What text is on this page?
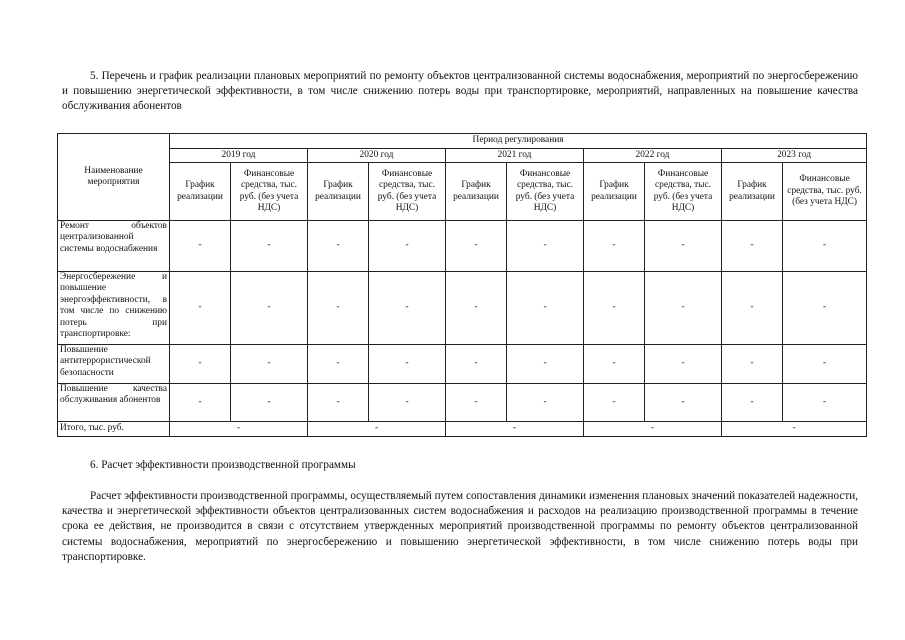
5. Перечень и график реализации плановых мероприятий по ремонту объектов централизованной системы водоснабжения, мероприятий по энергосбережению и повышению энергетической эффективности, в том числе снижению потерь воды при транспортировке, мероприятий, направленных на повышение качества обслуживания абонентов

Наименование мероприятия	Период регулирования									
	2019 год		2020 год		2021 год		2022 год		2023 год	
	График реализации	Финансовые средства, тыс. руб. (без учета НДС)	График реализации	Финансовые средства, тыс. руб. (без учета НДС)	График реализации	Финансовые средства, тыс. руб. (без учета НДС)	График реализации	Финансовые средства, тыс. руб. (без учета НДС)	График реализации	Финансовые средства, тыс. руб. (без учета НДС)
Ремонт объектов централизованной системы водоснабжения	-	-	-	-	-	-	-	-	-	-
Энергосбережение и повышение энергоэффективности, в том числе по снижению потерь при транспортировке:	-	-	-	-	-	-	-	-	-	-
Повышение антитеррористической безопасности	-	-	-	-	-	-	-	-	-	-
Повышение качества обслуживания абонентов	-	-	-	-	-	-	-	-	-	-
Итого, тыс. руб.	-		-		-		-		-	

6. Расчет эффективности производственной программы

Расчет эффективности производственной программы, осуществляемый путем сопоставления динамики изменения плановых значений показателей надежности, качества и энергетической эффективности объектов централизованных систем водоснабжения и расходов на реализацию производственной программы в течение срока ее действия, не производится в связи с отсутствием утвержденных мероприятий производственной программы по ремонту объектов централизованной системы водоснабжения, мероприятий по энергосбережению и повышению энергетической эффективности, в том числе снижению потерь воды при транспортировке.
